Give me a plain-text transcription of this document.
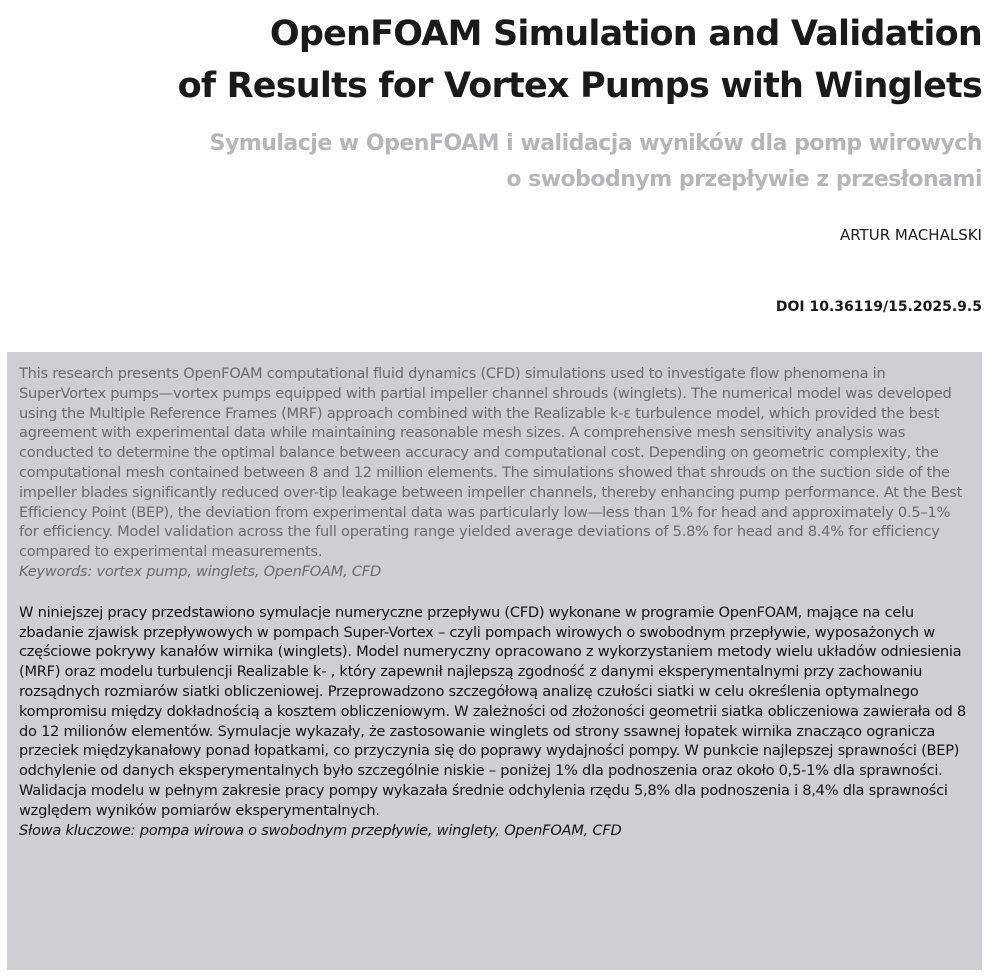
OpenFOAM Simulation and Validation
of Results for Vortex Pumps with Winglets
Symulacje w OpenFOAM i walidacja wyników dla pomp wirowych
o swobodnym przepływie z przesłonami

ARTUR MACHALSKI

DOI 10.36119/15.2025.9.5

This research presents OpenFOAM computational fluid dynamics (CFD) simulations used to investigate flow phenomena in SuperVortex pumps—vortex pumps equipped with partial impeller channel shrouds (winglets). The numerical model was developed using the Multiple Reference Frames (MRF) approach combined with the Realizable k-ε turbulence model, which provided the best agreement with experimental data while maintaining reasonable mesh sizes. A comprehensive mesh sensitivity analysis was conducted to determine the optimal balance between accuracy and computational cost. Depending on geometric complexity, the computational mesh contained between 8 and 12 million elements. The simulations showed that shrouds on the suction side of the impeller blades significantly reduced over-tip leakage between impeller channels, thereby enhancing pump performance. At the Best Efficiency Point (BEP), the deviation from experimental data was particularly low—less than 1% for head and approximately 0.5–1% for efficiency. Model validation across the full operating range yielded average deviations of 5.8% for head and 8.4% for efficiency compared to experimental measurements.
Keywords: vortex pump, winglets, OpenFOAM, CFD

W niniejszej pracy przedstawiono symulacje numeryczne przepływu (CFD) wykonane w programie OpenFOAM, mające na celu zbadanie zjawisk przepływowych w pompach Super-Vortex – czyli pompach wirowych o swobodnym przepływie, wyposażonych w częściowe pokrywy kanałów wirnika (winglets). Model numeryczny opracowano z wykorzystaniem metody wielu układów odniesienia (MRF) oraz modelu turbulencji Realizable k- , który zapewnił najlepszą zgodność z danymi eksperymentalnymi przy zachowaniu rozsądnych rozmiarów siatki obliczeniowej. Przeprowadzono szczegółową analizę czułości siatki w celu określenia optymalnego kompromisu między dokładnością a kosztem obliczeniowym. W zależności od złożoności geometrii siatka obliczeniowa zawierała od 8 do 12 milionów elementów. Symulacje wykazały, że zastosowanie winglets od strony ssawnej łopatek wirnika znacząco ogranicza przeciek międzykanałowy ponad łopatkami, co przyczynia się do poprawy wydajności pompy. W punkcie najlepszej sprawności (BEP) odchylenie od danych eksperymentalnych było szczególnie niskie – poniżej 1% dla podnoszenia oraz około 0,5-1% dla sprawności. Walidacja modelu w pełnym zakresie pracy pompy wykazała średnie odchylenia rzędu 5,8% dla podnoszenia i 8,4% dla sprawności względem wyników pomiarów eksperymentalnych.
Słowa kluczowe: pompa wirowa o swobodnym przepływie, winglety, OpenFOAM, CFD
